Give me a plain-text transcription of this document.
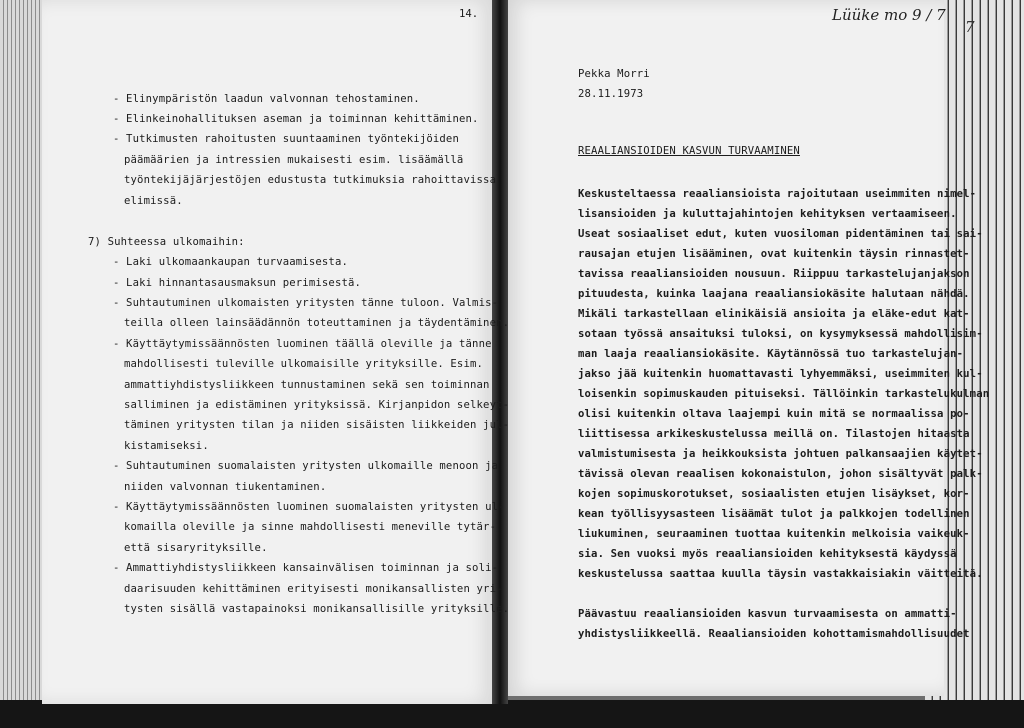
14.
- Elinympäristön laadun valvonnan tehostaminen.
- Elinkeinohallituksen aseman ja toiminnan kehittäminen.
- Tutkimusten rahoitusten suuntaaminen työntekijöiden
päämäärien ja intressien mukaisesti esim. lisäämällä
työntekijäjärjestöjen edustusta tutkimuksia rahoittavissa
elimissä.
7) Suhteessa ulkomaihin:
- Laki ulkomaankaupan turvaamisesta.
- Laki hinnantasausmaksun perimisestä.
- Suhtautuminen ulkomaisten yritysten tänne tuloon. Valmis-
teilla olleen lainsäädännön toteuttaminen ja täydentäminen.
- Käyttäytymissäännösten luominen täällä oleville ja tänne
mahdollisesti tuleville ulkomaisille yrityksille. Esim.
ammattiyhdistysliikkeen tunnustaminen sekä sen toiminnan
salliminen ja edistäminen yrityksissä. Kirjanpidon selkeyt-
täminen yritysten tilan ja niiden sisäisten liikkeiden jul-
kistamiseksi.
- Suhtautuminen suomalaisten yritysten ulkomaille menoon ja
niiden valvonnan tiukentaminen.
- Käyttäytymissäännösten luominen suomalaisten yritysten ul-
komailla oleville ja sinne mahdollisesti meneville tytär-
että sisaryrityksille.
- Ammattiyhdistysliikkeen kansainvälisen toiminnan ja soli-
daarisuuden kehittäminen erityisesti monikansallisten yri-
tysten sisällä vastapainoksi monikansallisille yrityksille.
Lüüke mo 9 / 7
7
Pekka Morri
28.11.1973
REAALIANSIOIDEN KASVUN TURVAAMINEN
Keskusteltaessa reaaliansioista rajoitutaan useimmiten nimel-
lisansioiden ja kuluttajahintojen kehityksen vertaamiseen.
Useat sosiaaliset edut, kuten vuosiloman pidentäminen tai sai-
rausajan etujen lisääminen, ovat kuitenkin täysin rinnastet-
tavissa reaaliansioiden nousuun. Riippuu tarkastelujanjakson
pituudesta, kuinka laajana reaaliansiokäsite halutaan nähdä.
Mikäli tarkastellaan elinikäisiä ansioita ja eläke-edut kat-
sotaan työssä ansaituksi tuloksi, on kysymyksessä mahdollisim-
man laaja reaaliansiokäsite. Käytännössä tuo tarkastelujan-
jakso jää kuitenkin huomattavasti lyhyemmäksi, useimmiten kul-
loisenkin sopimuskauden pituiseksi. Tällöinkin tarkastelukulman
olisi kuitenkin oltava laajempi kuin mitä se normaalissa po-
liittisessa arkikeskustelussa meillä on. Tilastojen hitaasta
valmistumisesta ja heikkouksista johtuen palkansaajien käytet-
tävissä olevan reaalisen kokonaistulon, johon sisältyvät palk-
kojen sopimuskorotukset, sosiaalisten etujen lisäykset, kor-
kean työllisyysasteen lisäämät tulot ja palkkojen todellinen
liukuminen, seuraaminen tuottaa kuitenkin melkoisia vaikeuk-
sia. Sen vuoksi myös reaaliansioiden kehityksestä käydyssä
keskustelussa saattaa kuulla täysin vastakkaisiakin väitteitä.
Päävastuu reaaliansioiden kasvun turvaamisesta on ammatti-
yhdistysliikkeellä. Reaaliansioiden kohottamismahdollisuudet
